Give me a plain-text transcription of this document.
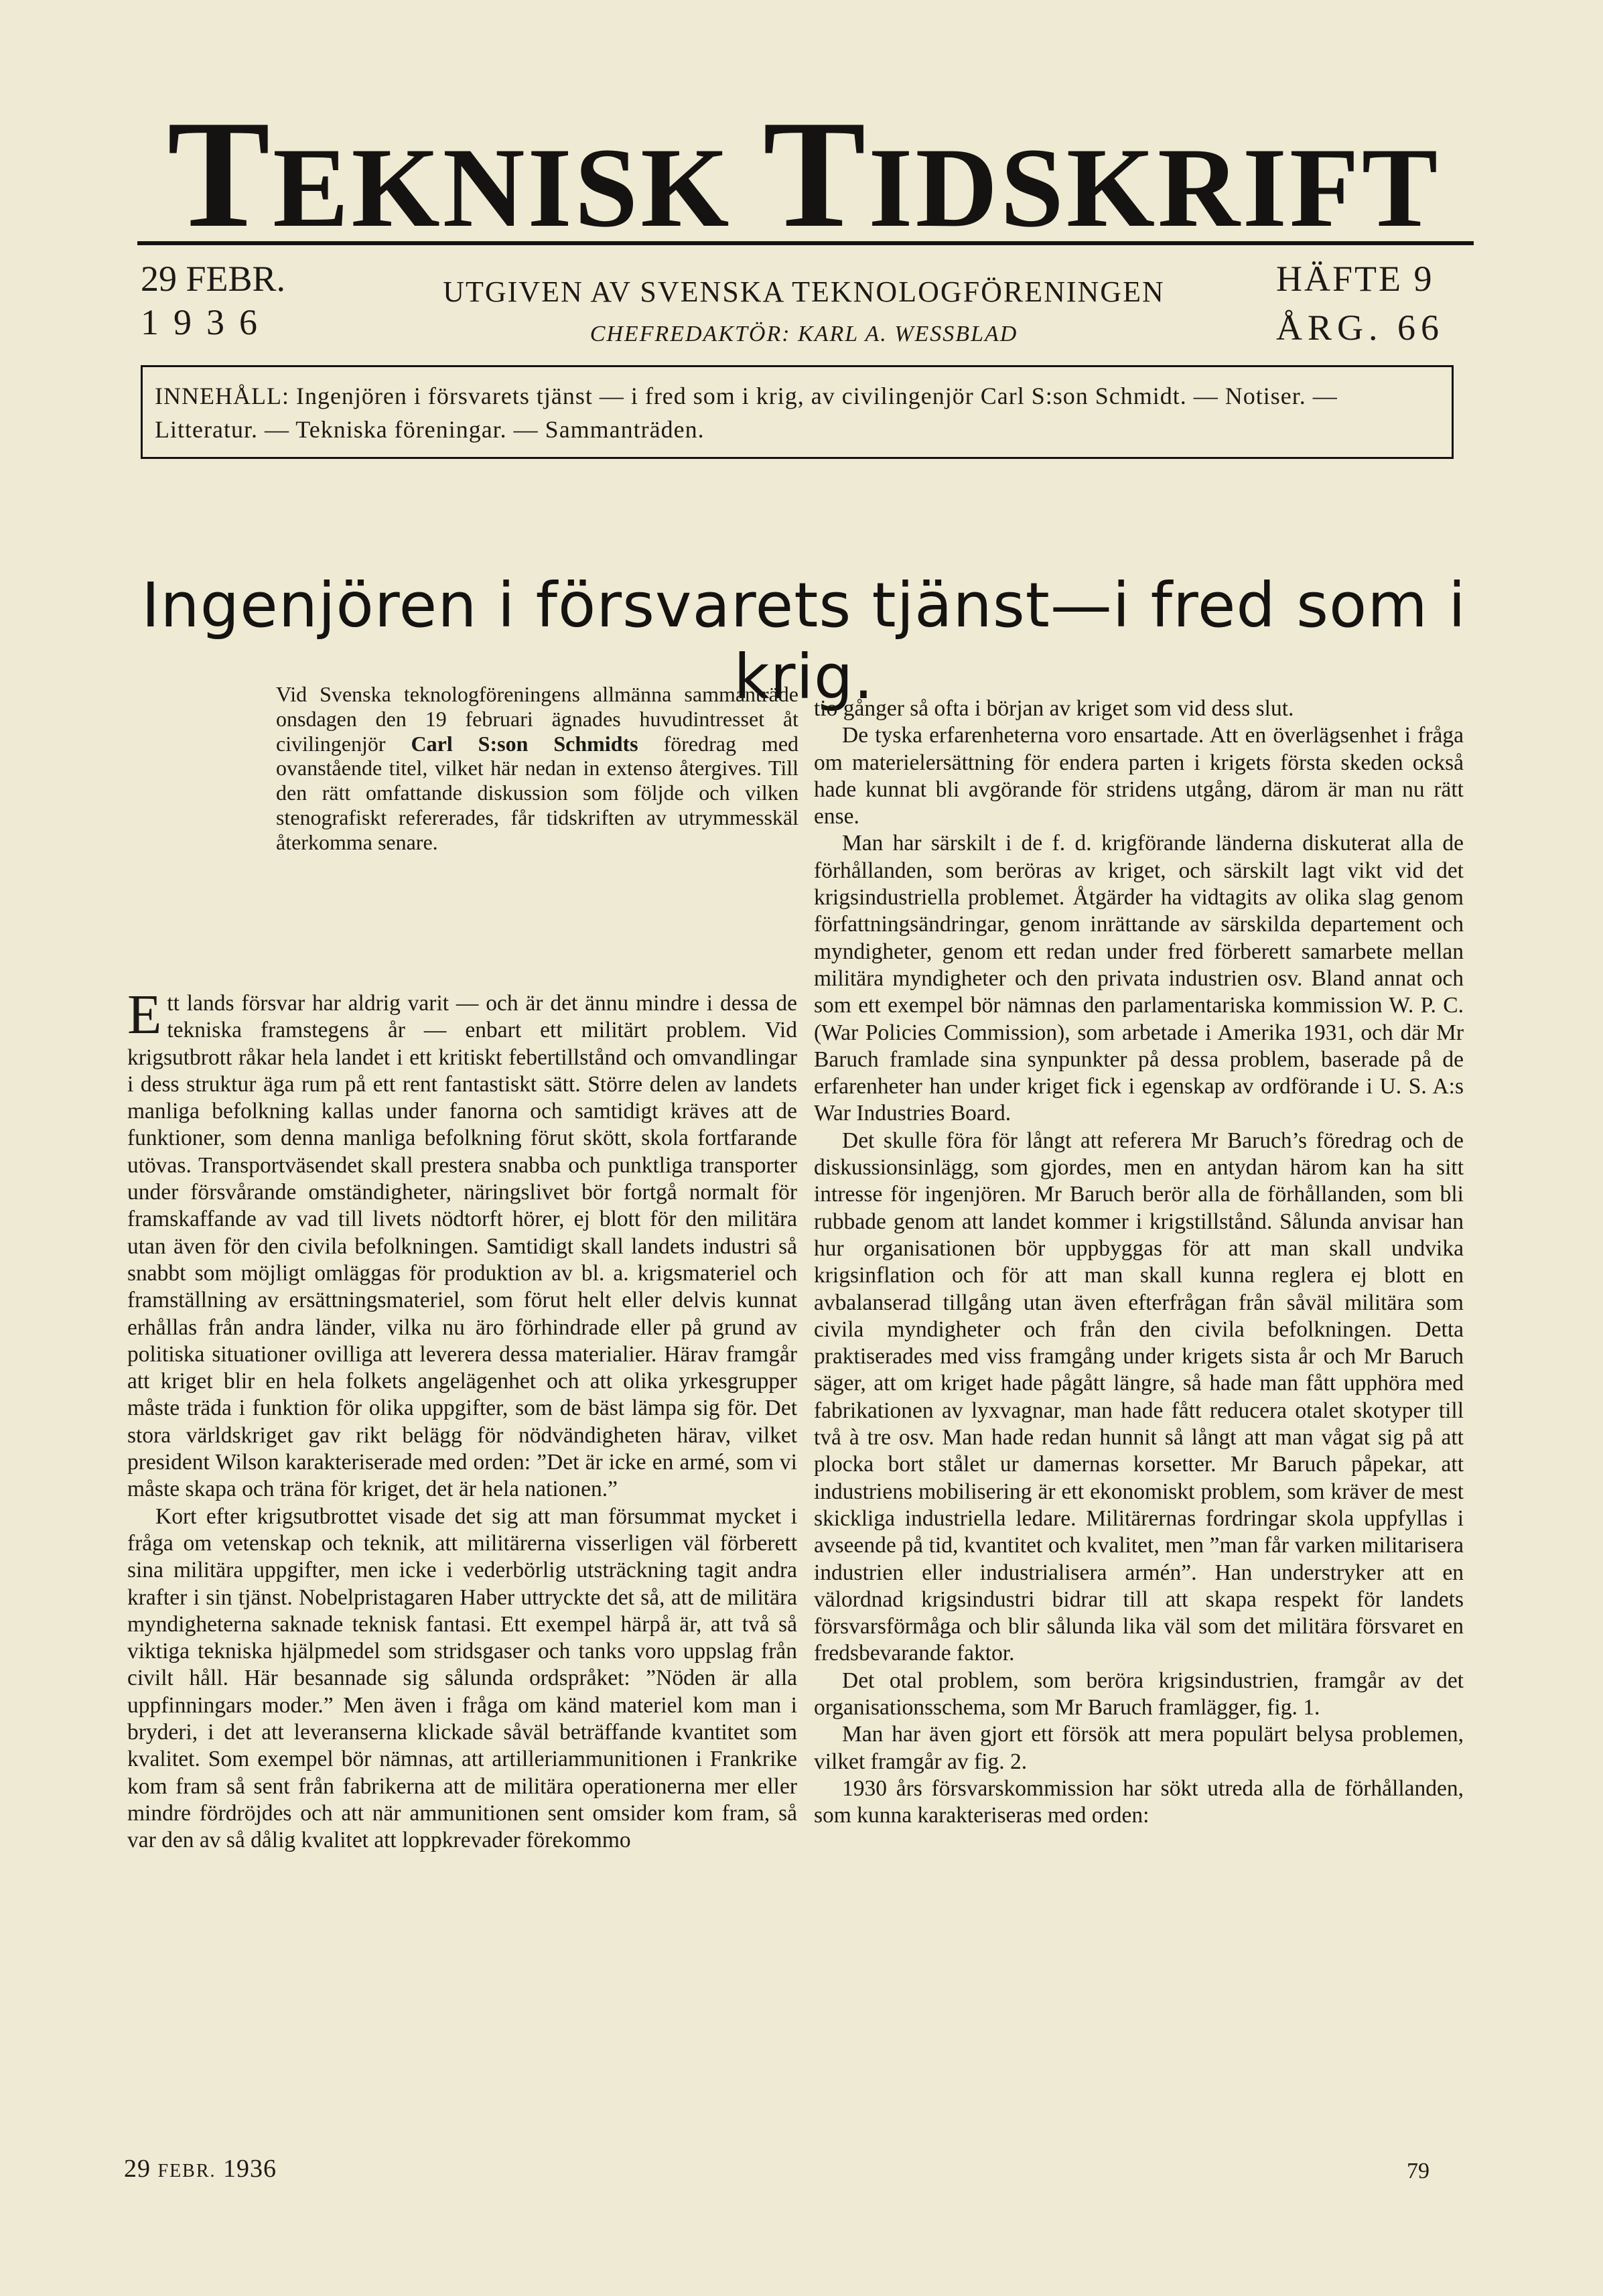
TEKNISK TIDSKRIFT
29 FEBR.
1936
UTGIVEN AV SVENSKA TEKNOLOGFÖRENINGEN
CHEFREDAKTÖR: KARL A. WESSBLAD
HÄFTE 9
ÅRG. 66
INNEHÅLL: Ingenjören i försvarets tjänst — i fred som i krig, av civilingenjör Carl S:son Schmidt. — Notiser. — Litteratur. — Tekniska föreningar. — Sammanträden.
Ingenjören i försvarets tjänst—i fred som i krig.

Vid Svenska teknologföreningens allmänna sammanträde onsdagen den 19 februari ägnades huvudintresset åt civilingenjör Carl S:son Schmidts föredrag med ovanstående titel, vilket här nedan in extenso återgives. Till den rätt omfattande diskussion som följde och vilken stenografiskt refererades, får tidskriften av utrymmesskäl återkomma senare.

Ett lands försvar har aldrig varit — och är det ännu mindre i dessa de tekniska framstegens år — enbart ett militärt problem. Vid krigsutbrott råkar hela landet i ett kritiskt febertillstånd och omvandlingar i dess struktur äga rum på ett rent fantastiskt sätt. Större delen av landets manliga befolkning kallas under fanorna och samtidigt kräves att de funktioner, som denna manliga befolkning förut skött, skola fortfarande utövas. Transportväsendet skall prestera snabba och punktliga transporter under försvårande omständigheter, näringslivet bör fortgå normalt för framskaffande av vad till livets nödtorft hörer, ej blott för den militära utan även för den civila befolkningen. Samtidigt skall landets industri så snabbt som möjligt omläggas för produktion av bl. a. krigsmateriel och framställning av ersättningsmateriel, som förut helt eller delvis kunnat erhållas från andra länder, vilka nu äro förhindrade eller på grund av politiska situationer ovilliga att leverera dessa materialier. Härav framgår att kriget blir en hela folkets angelägenhet och att olika yrkesgrupper måste träda i funktion för olika uppgifter, som de bäst lämpa sig för. Det stora världskriget gav rikt belägg för nödvändigheten härav, vilket president Wilson karakteriserade med orden: ”Det är icke en armé, som vi måste skapa och träna för kriget, det är hela nationen.”

Kort efter krigsutbrottet visade det sig att man försummat mycket i fråga om vetenskap och teknik, att militärerna visserligen väl förberett sina militära uppgifter, men icke i vederbörlig utsträckning tagit andra krafter i sin tjänst. Nobelpristagaren Haber uttryckte det så, att de militära myndigheterna saknade teknisk fantasi. Ett exempel härpå är, att två så viktiga tekniska hjälpmedel som stridsgaser och tanks voro uppslag från civilt håll. Här besannade sig sålunda ordspråket: ”Nöden är alla uppfinningars moder.” Men även i fråga om känd materiel kom man i bryderi, i det att leveranserna klickade såväl beträffande kvantitet som kvalitet. Som exempel bör nämnas, att artilleriammunitionen i Frankrike kom fram så sent från fabrikerna att de militära operationerna mer eller mindre fördröjdes och att när ammunitionen sent omsider kom fram, så var den av så dålig kvalitet att loppkrevader förekommo

tio gånger så ofta i början av kriget som vid dess slut.

De tyska erfarenheterna voro ensartade. Att en överlägsenhet i fråga om materielersättning för endera parten i krigets första skeden också hade kunnat bli avgörande för stridens utgång, därom är man nu rätt ense.

Man har särskilt i de f. d. krigförande länderna diskuterat alla de förhållanden, som beröras av kriget, och särskilt lagt vikt vid det krigsindustriella problemet. Åtgärder ha vidtagits av olika slag genom författningsändringar, genom inrättande av särskilda departement och myndigheter, genom ett redan under fred förberett samarbete mellan militära myndigheter och den privata industrien osv. Bland annat och som ett exempel bör nämnas den parlamentariska kommission W. P. C. (War Policies Commission), som arbetade i Amerika 1931, och där Mr Baruch framlade sina synpunkter på dessa problem, baserade på de erfarenheter han under kriget fick i egenskap av ordförande i U. S. A:s War Industries Board.

Det skulle föra för långt att referera Mr Baruch’s föredrag och de diskussionsinlägg, som gjordes, men en antydan härom kan ha sitt intresse för ingenjören. Mr Baruch berör alla de förhållanden, som bli rubbade genom att landet kommer i krigstillstånd. Sålunda anvisar han hur organisationen bör uppbyggas för att man skall undvika krigsinflation och för att man skall kunna reglera ej blott en avbalanserad tillgång utan även efterfrågan från såväl militära som civila myndigheter och från den civila befolkningen. Detta praktiserades med viss framgång under krigets sista år och Mr Baruch säger, att om kriget hade pågått längre, så hade man fått upphöra med fabrikationen av lyxvagnar, man hade fått reducera otalet skotyper till två à tre osv. Man hade redan hunnit så långt att man vågat sig på att plocka bort stålet ur damernas korsetter. Mr Baruch påpekar, att industriens mobilisering är ett ekonomiskt problem, som kräver de mest skickliga industriella ledare. Militärernas fordringar skola uppfyllas i avseende på tid, kvantitet och kvalitet, men ”man får varken militarisera industrien eller industrialisera armén”. Han understryker att en välordnad krigsindustri bidrar till att skapa respekt för landets försvarsförmåga och blir sålunda lika väl som det militära försvaret en fredsbevarande faktor.

Det otal problem, som beröra krigsindustrien, framgår av det organisationsschema, som Mr Baruch framlägger, fig. 1.

Man har även gjort ett försök att mera populärt belysa problemen, vilket framgår av fig. 2.

1930 års försvarskommission har sökt utreda alla de förhållanden, som kunna karakteriseras med orden:

29 FEBR. 1936	79
